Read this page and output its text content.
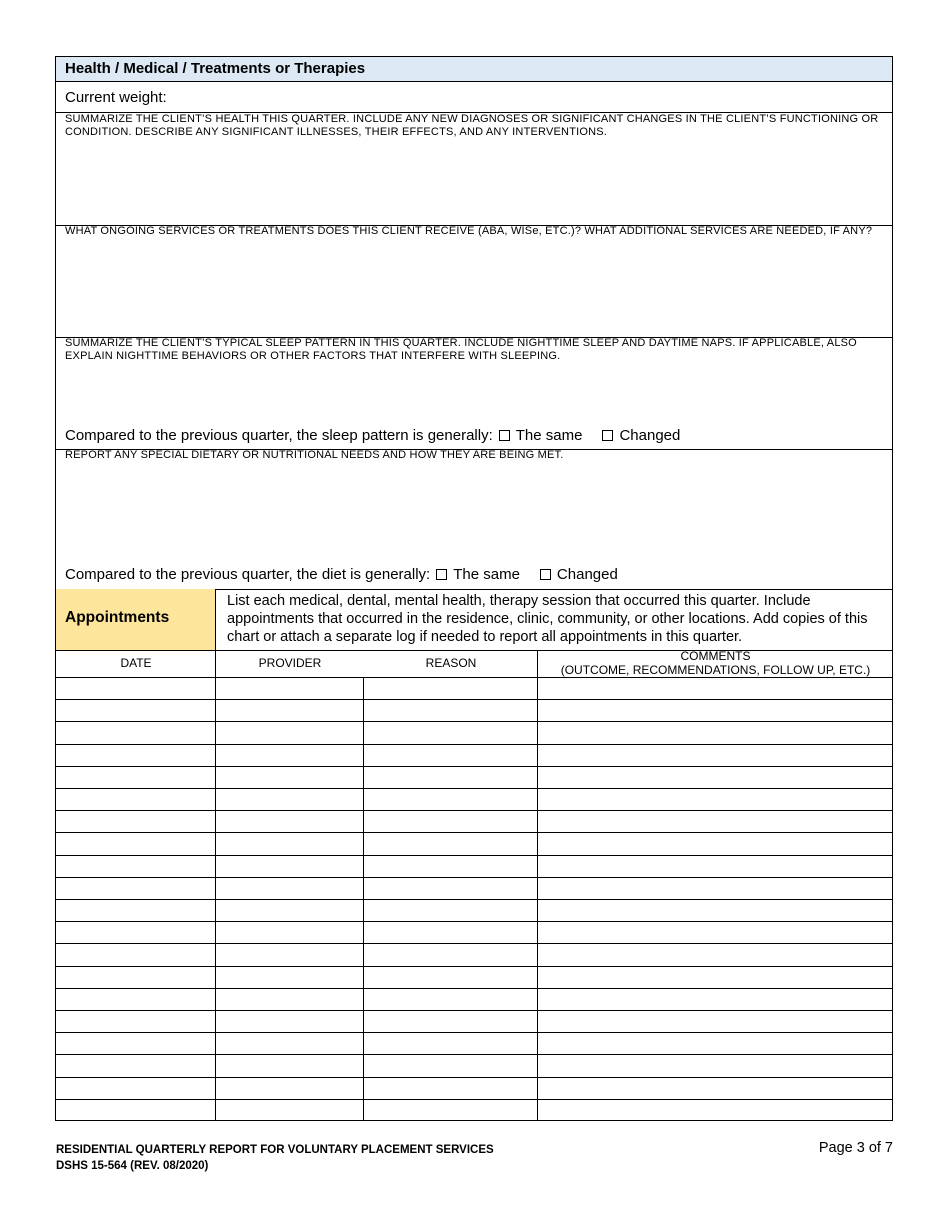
Health / Medical / Treatments or Therapies
Current weight:
SUMMARIZE THE CLIENT’S HEALTH THIS QUARTER. INCLUDE ANY NEW DIAGNOSES OR SIGNIFICANT CHANGES IN THE CLIENT’S FUNCTIONING OR CONDITION. DESCRIBE ANY SIGNIFICANT ILLNESSES, THEIR EFFECTS, AND ANY INTERVENTIONS.
WHAT ONGOING SERVICES OR TREATMENTS DOES THIS CLIENT RECEIVE (ABA, WISe, ETC.)? WHAT ADDITIONAL SERVICES ARE NEEDED, IF ANY?
SUMMARIZE THE CLIENT’S TYPICAL SLEEP PATTERN IN THIS QUARTER. INCLUDE NIGHTTIME SLEEP AND DAYTIME NAPS. IF APPLICABLE, ALSO EXPLAIN NIGHTTIME BEHAVIORS OR OTHER FACTORS THAT INTERFERE WITH SLEEPING.
Compared to the previous quarter, the sleep pattern is generally: The same Changed
REPORT ANY SPECIAL DIETARY OR NUTRITIONAL NEEDS AND HOW THEY ARE BEING MET.
Compared to the previous quarter, the diet is generally: The same Changed
Appointments
List each medical, dental, mental health, therapy session that occurred this quarter. Include appointments that occurred in the residence, clinic, community, or other locations. Add copies of this chart or attach a separate log if needed to report all appointments in this quarter.
DATE	PROVIDER	REASON	COMMENTS
(OUTCOME, RECOMMENDATIONS, FOLLOW UP, ETC.)
RESIDENTIAL QUARTERLY REPORT FOR VOLUNTARY PLACEMENT SERVICES
DSHS 15-564 (REV. 08/2020)
Page 3 of 7
